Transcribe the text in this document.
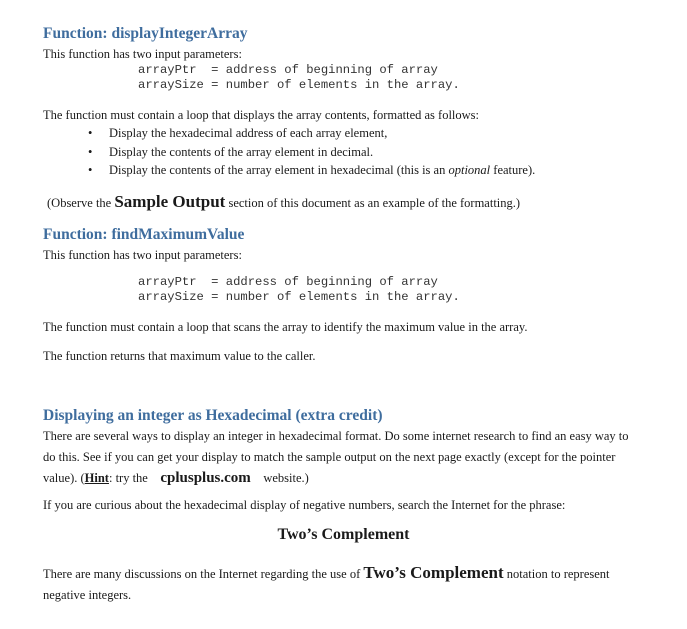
Function: displayIntegerArray
This function has two input parameters:
arrayPtr  = address of beginning of array
arraySize = number of elements in the array.
The function must contain a loop that displays the array contents, formatted as follows:
• Display the hexadecimal address of each array element,
• Display the contents of the array element in decimal.
• Display the contents of the array element in hexadecimal (this is an optional feature).
(Observe the Sample Output section of this document as an example of the formatting.)
Function: findMaximumValue
This function has two input parameters:
arrayPtr  = address of beginning of array
arraySize = number of elements in the array.
The function must contain a loop that scans the array to identify the maximum value in the array.
The function returns that maximum value to the caller.
Displaying an integer as Hexadecimal (extra credit)
There are several ways to display an integer in hexadecimal format. Do some internet research to find an easy way to do this. See if you can get your display to match the sample output on the next page exactly (except for the pointer value). (Hint: try the cplusplus.com website.)
If you are curious about the hexadecimal display of negative numbers, search the Internet for the phrase:
Two’s Complement
There are many discussions on the Internet regarding the use of Two’s Complement notation to represent negative integers.
